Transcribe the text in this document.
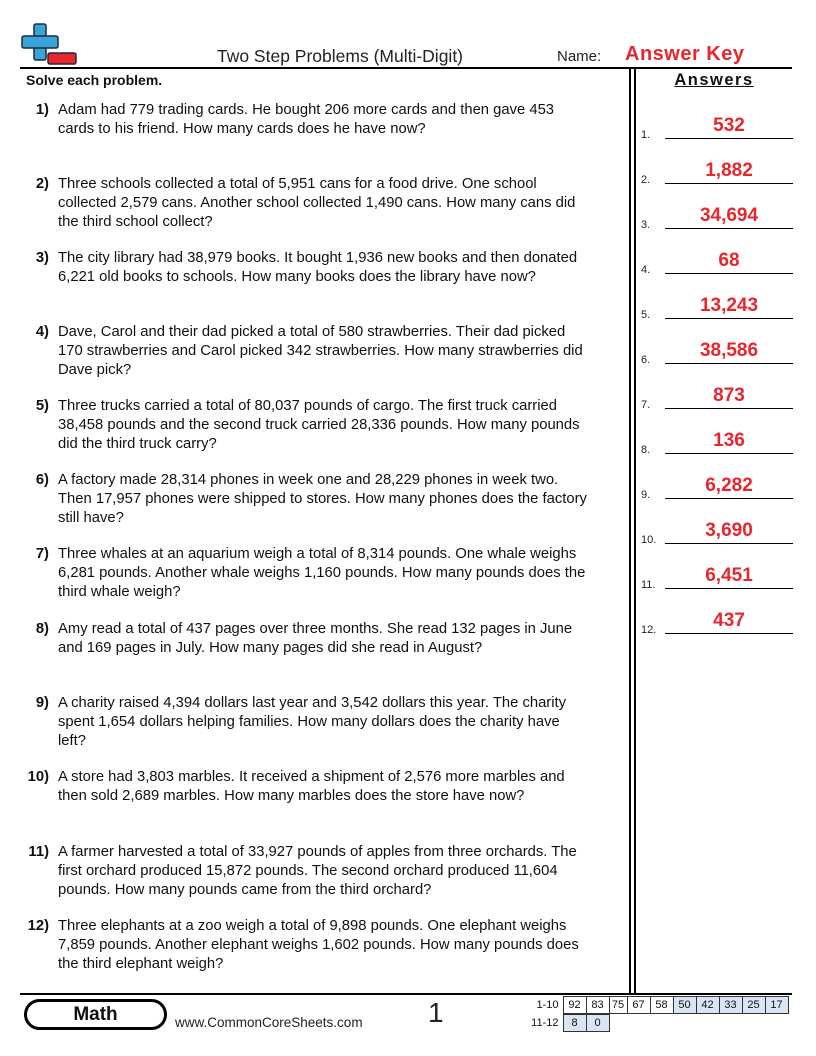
Two Step Problems (Multi-Digit)	Name: Answer Key
Solve each problem.	Answers
1) Adam had 779 trading cards. He bought 206 more cards and then gave 453
cards to his friend. How many cards does he have now?
2) Three schools collected a total of 5,951 cans for a food drive. One school
collected 2,579 cans. Another school collected 1,490 cans. How many cans did
the third school collect?
3) The city library had 38,979 books. It bought 1,936 new books and then donated
6,221 old books to schools. How many books does the library have now?
4) Dave, Carol and their dad picked a total of 580 strawberries. Their dad picked
170 strawberries and Carol picked 342 strawberries. How many strawberries did
Dave pick?
5) Three trucks carried a total of 80,037 pounds of cargo. The first truck carried
38,458 pounds and the second truck carried 28,336 pounds. How many pounds
did the third truck carry?
6) A factory made 28,314 phones in week one and 28,229 phones in week two.
Then 17,957 phones were shipped to stores. How many phones does the factory
still have?
7) Three whales at an aquarium weigh a total of 8,314 pounds. One whale weighs
6,281 pounds. Another whale weighs 1,160 pounds. How many pounds does the
third whale weigh?
8) Amy read a total of 437 pages over three months. She read 132 pages in June
and 169 pages in July. How many pages did she read in August?
9) A charity raised 4,394 dollars last year and 3,542 dollars this year. The charity
spent 1,654 dollars helping families. How many dollars does the charity have
left?
10) A store had 3,803 marbles. It received a shipment of 2,576 more marbles and
then sold 2,689 marbles. How many marbles does the store have now?
11) A farmer harvested a total of 33,927 pounds of apples from three orchards. The
first orchard produced 15,872 pounds. The second orchard produced 11,604
pounds. How many pounds came from the third orchard?
12) Three elephants at a zoo weigh a total of 9,898 pounds. One elephant weighs
7,859 pounds. Another elephant weighs 1,602 pounds. How many pounds does
the third elephant weigh?
1.	532
2.	1,882
3.	34,694
4.	68
5.	13,243
6.	38,586
7.	873
8.	136
9.	6,282
10.	3,690
11.	6,451
12.	437
Math	www.CommonCoreSheets.com 1	1-10	92	83	75	67	58	50	42	33	25	17
11-12	8	0
